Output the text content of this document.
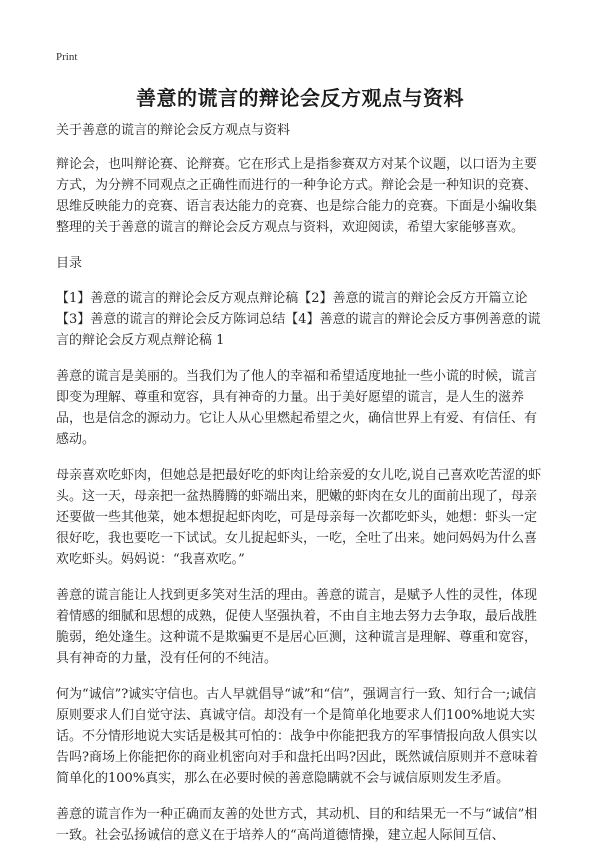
Print
善意的谎言的辩论会反方观点与资料

关于善意的谎言的辩论会反方观点与资料

辩论会，也叫辩论赛、论辩赛。它在形式上是指参赛双方对某个议题，以口语为主要方式，为分辨不同观点之正确性而进行的一种争论方式。辩论会是一种知识的竞赛、思维反映能力的竞赛、语言表达能力的竞赛、也是综合能力的竞赛。下面是小编收集整理的关于善意的谎言的辩论会反方观点与资料，欢迎阅读，希望大家能够喜欢。

目录

【1】善意的谎言的辩论会反方观点辩论稿【2】善意的谎言的辩论会反方开篇立论【3】善意的谎言的辩论会反方陈词总结【4】善意的谎言的辩论会反方事例善意的谎言的辩论会反方观点辩论稿 1

善意的谎言是美丽的。当我们为了他人的幸福和希望适度地扯一些小谎的时候，谎言即变为理解、尊重和宽容，具有神奇的力量。出于美好愿望的谎言，是人生的滋养品，也是信念的源动力。它让人从心里燃起希望之火，确信世界上有爱、有信任、有感动。

母亲喜欢吃虾肉，但她总是把最好吃的虾肉让给亲爱的女儿吃,说自己喜欢吃苦涩的虾头。这一天，母亲把一盆热腾腾的虾端出来，肥嫩的虾肉在女儿的面前出现了，母亲还要做一些其他菜，她本想捉起虾肉吃，可是母亲每一次都吃虾头，她想：虾头一定很好吃，我也要吃一下试试。女儿捉起虾头，一吃，全吐了出来。她问妈妈为什么喜欢吃虾头。妈妈说：“我喜欢吃。”

善意的谎言能让人找到更多笑对生活的理由。善意的谎言，是赋予人性的灵性，体现着情感的细腻和思想的成熟，促使人坚强执着，不由自主地去努力去争取，最后战胜脆弱，绝处逢生。这种谎不是欺骗更不是居心叵测，这种谎言是理解、尊重和宽容，具有神奇的力量，没有任何的不纯洁。

何为“诚信”?诚实守信也。古人早就倡导“诚”和“信”，强调言行一致、知行合一;诚信原则要求人们自觉守法、真诚守信。却没有一个是简单化地要求人们100%地说大实话。不分情形地说大实话是极其可怕的：战争中你能把我方的军事情报向敌人俱实以告吗?商场上你能把你的商业机密向对手和盘托出吗?因此，既然诚信原则并不意味着简单化的100%真实，那么在必要时候的善意隐瞒就不会与诚信原则发生矛盾。

善意的谎言作为一种正确而友善的处世方式，其动机、目的和结果无一不与“诚信”相一致。社会弘扬诚信的意义在于培养人的“高尚道德情操，建立起人际间互信、
